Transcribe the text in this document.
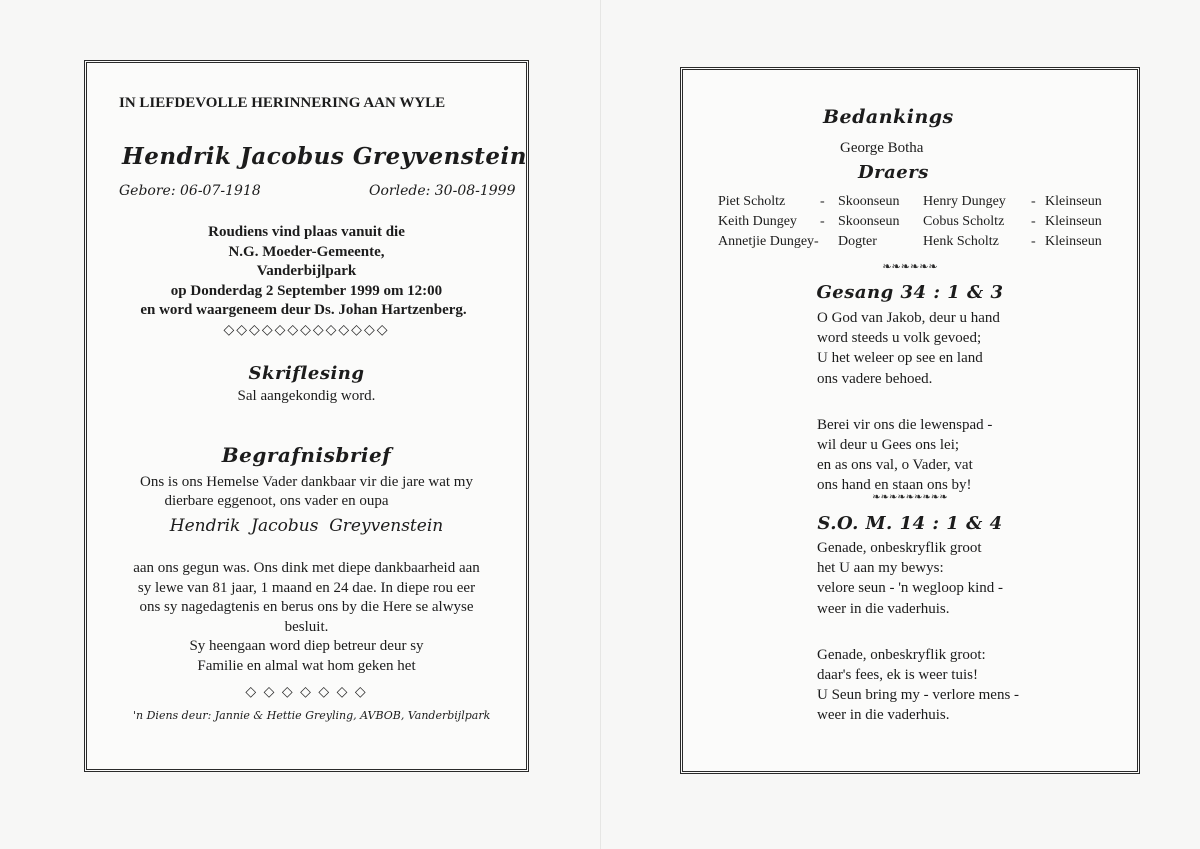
IN LIEFDEVOLLE HERINNERING AAN WYLE

Hendrik Jacobus Greyvenstein

Gebore: 06-07-1918	Oorlede: 30-08-1999

Roudiens vind plaas vanuit die
N.G. Moeder-Gemeente,
Vanderbijlpark
op Donderdag 2 September 1999 om 12:00
en word waargeneem deur Ds. Johan Hartzenberg.

◇◇◇◇◇◇◇◇◇◇◇◇◇

Skriflesing

Sal aangekondig word.

Begrafnisbrief

Ons is ons Hemelse Vader dankbaar vir die jare wat my
dierbare eggenoot, ons vader en oupa

Hendrik  Jacobus  Greyvenstein

aan ons gegun was. Ons dink met diepe dankbaarheid aan
sy lewe van 81 jaar, 1 maand en 24 dae. In diepe rou eer
ons sy nagedagtenis en berus ons by die Here se alwyse
besluit.
Sy heengaan word diep betreur deur sy
Familie en almal wat hom geken het

◇ ◇ ◇ ◇ ◇ ◇ ◇

'n Diens deur: Jannie & Hettie Greyling, AVBOB, Vanderbijlpark

Bedankings

George Botha

Draers

Piet Scholtz - Skoonseun Henry Dungey - Kleinseun
Keith Dungey - Skoonseun Cobus Scholtz - Kleinseun
Annetjie Dungey- Dogter	Henk Scholtz - Kleinseun

❧❧❧❧❧❧

Gesang 34 : 1 & 3

O God van Jakob, deur u hand
word steeds u volk gevoed;
U het weleer op see en land
ons vadere behoed.
Berei vir ons die lewenspad -
wil deur u Gees ons lei;
en as ons val, o Vader, vat
ons hand en staan ons by!

❧❧❧❧❧❧❧❧❧

S.O. M. 14 : 1 & 4

Genade, onbeskryflik groot
het U aan my bewys:
velore seun - 'n wegloop kind -
weer in die vaderhuis.
Genade, onbeskryflik groot:
daar's fees, ek is weer tuis!
U Seun bring my - verlore mens -
weer in die vaderhuis.
